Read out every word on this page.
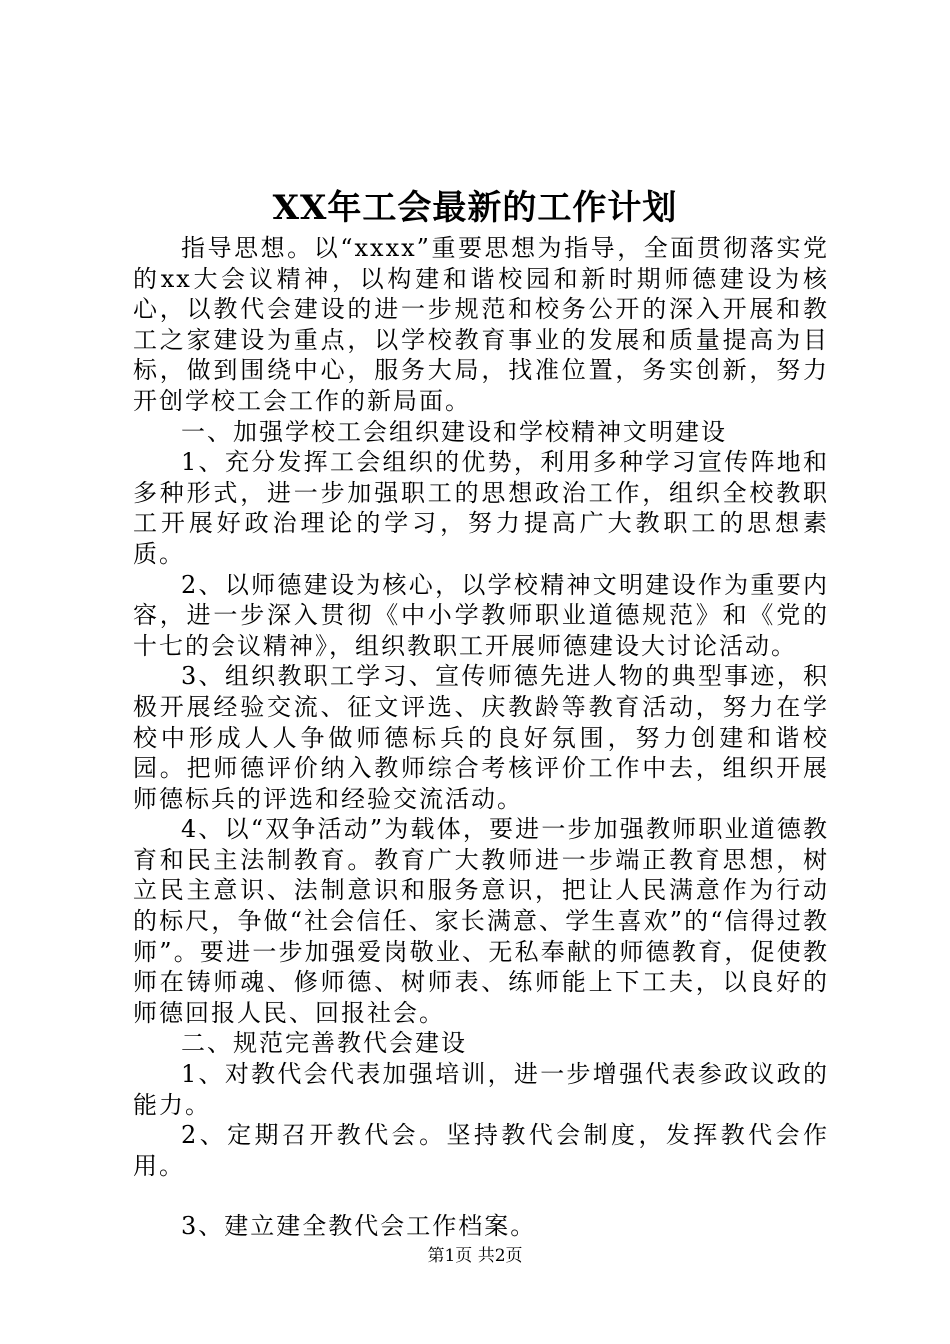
XX年工会最新的工作计划

指导思想。以“xxxx”重要思想为指导，全面贯彻落实党的xx大会议精神，以构建和谐校园和新时期师德建设为核心，以教代会建设的进一步规范和校务公开的深入开展和教工之家建设为重点，以学校教育事业的发展和质量提高为目标，做到围绕中心，服务大局，找准位置，务实创新，努力开创学校工会工作的新局面。

一、加强学校工会组织建设和学校精神文明建设

1、充分发挥工会组织的优势，利用多种学习宣传阵地和多种形式，进一步加强职工的思想政治工作，组织全校教职工开展好政治理论的学习，努力提高广大教职工的思想素质。

2、以师德建设为核心，以学校精神文明建设作为重要内容，进一步深入贯彻《中小学教师职业道德规范》和《党的十七的会议精神》，组织教职工开展师德建设大讨论活动。

3、组织教职工学习、宣传师德先进人物的典型事迹，积极开展经验交流、征文评选、庆教龄等教育活动，努力在学校中形成人人争做师德标兵的良好氛围，努力创建和谐校园。把师德评价纳入教师综合考核评价工作中去，组织开展师德标兵的评选和经验交流活动。

4、以“双争活动”为载体，要进一步加强教师职业道德教育和民主法制教育。教育广大教师进一步端正教育思想，树立民主意识、法制意识和服务意识，把让人民满意作为行动的标尺，争做“社会信任、家长满意、学生喜欢”的“信得过教师”。要进一步加强爱岗敬业、无私奉献的师德教育，促使教师在铸师魂、修师德、树师表、练师能上下工夫，以良好的师德回报人民、回报社会。

二、规范完善教代会建设

1、对教代会代表加强培训，进一步增强代表参政议政的能力。

2、定期召开教代会。坚持教代会制度，发挥教代会作用。

3、建立建全教代会工作档案。

第1页 共2页
